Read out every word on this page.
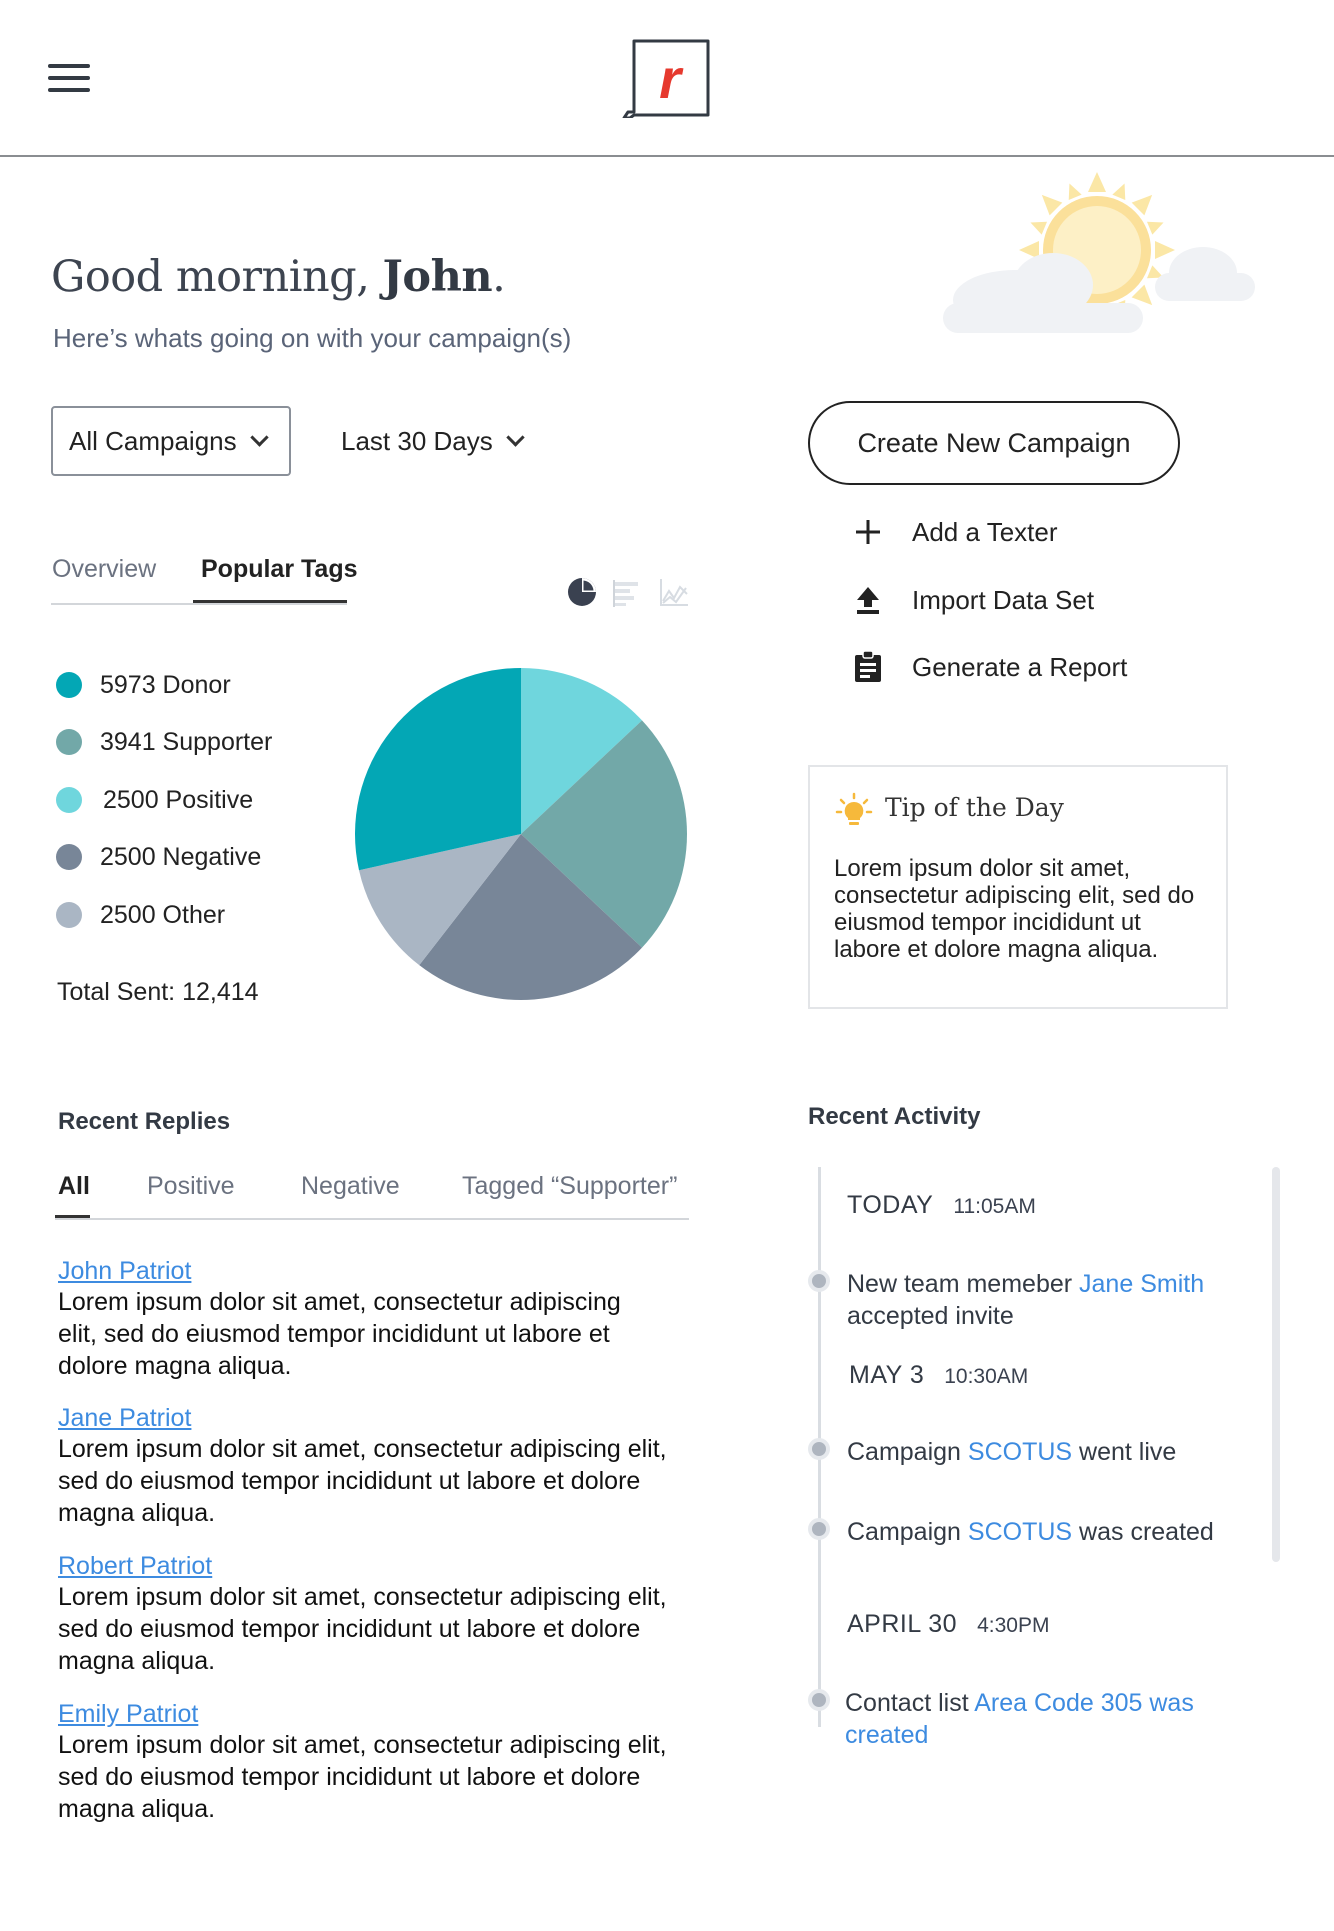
r
Good morning, John.
Here’s whats going on with your campaign(s)
All Campaigns	Last 30 Days	Create New Campaign
Add a Texter
Import Data Set
Generate a Report
Overview	Popular Tags
5973 Donor
3941 Supporter
2500 Positive
2500 Negative
2500 Other
Total Sent: 12,414
Tip of the Day
Lorem ipsum dolor sit amet, consectetur adipiscing elit, sed do eiusmod tempor incididunt ut labore et dolore magna aliqua.
Recent Replies
All Positive	Negative Tagged “Supporter”
John Patriot
Lorem ipsum dolor sit amet, consectetur adipiscing elit, sed do eiusmod tempor incididunt ut labore et dolore magna aliqua.
Jane Patriot
Lorem ipsum dolor sit amet, consectetur adipiscing elit, sed do eiusmod tempor incididunt ut labore et dolore magna aliqua.
Robert Patriot
Lorem ipsum dolor sit amet, consectetur adipiscing elit, sed do eiusmod tempor incididunt ut labore et dolore magna aliqua.
Emily Patriot
Lorem ipsum dolor sit amet, consectetur adipiscing elit, sed do eiusmod tempor incididunt ut labore et dolore magna aliqua.
Recent Activity
TODAY 11:05AM
New team memeber Jane Smith accepted invite
MAY 3 10:30AM
Campaign SCOTUS went live
Campaign SCOTUS was created
APRIL 30 4:30PM
Contact list Area Code 305 was created
